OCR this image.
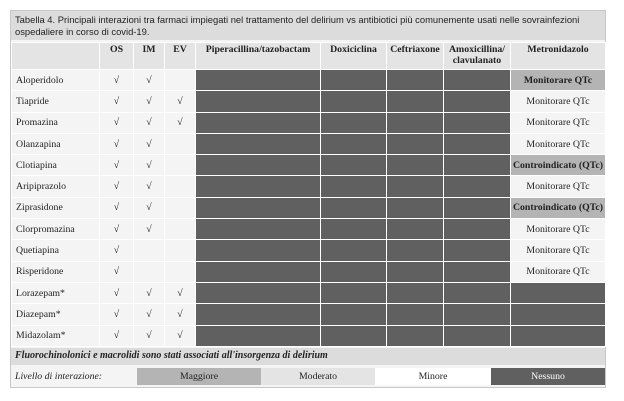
Tabella 4. Principali interazioni tra farmaci impiegati nel trattamento del delirium vs antibiotici più comunemente usati nelle sovrainfezioni ospedaliere in corso di covid-19.
	OS	IM	EV	Piperacillina/tazobactam	Doxiciclina	Ceftriaxone	Amoxicillina/ clavulanato	Metronidazolo
Aloperidolo	√	√						Monitorare QTc
Tiapride	√	√	√					Monitorare QTc
Promazina	√	√	√					Monitorare QTc
Olanzapina	√	√						Monitorare QTc
Clotiapina	√	√						Controindicato (QTc)
Aripiprazolo	√	√						Monitorare QTc
Ziprasidone	√	√						Controindicato (QTc)
Clorpromazina	√	√						Monitorare QTc
Quetiapina	√							Monitorare QTc
Risperidone	√							Monitorare QTc
Lorazepam*	√	√	√					
Diazepam*	√	√	√					
Midazolam*	√	√	√					
Fluorochinolonici e macrolidi sono stati associati all'insorgenza di delirium
Livello di interazione:	Maggiore	Moderato	Minore	Nessuno
